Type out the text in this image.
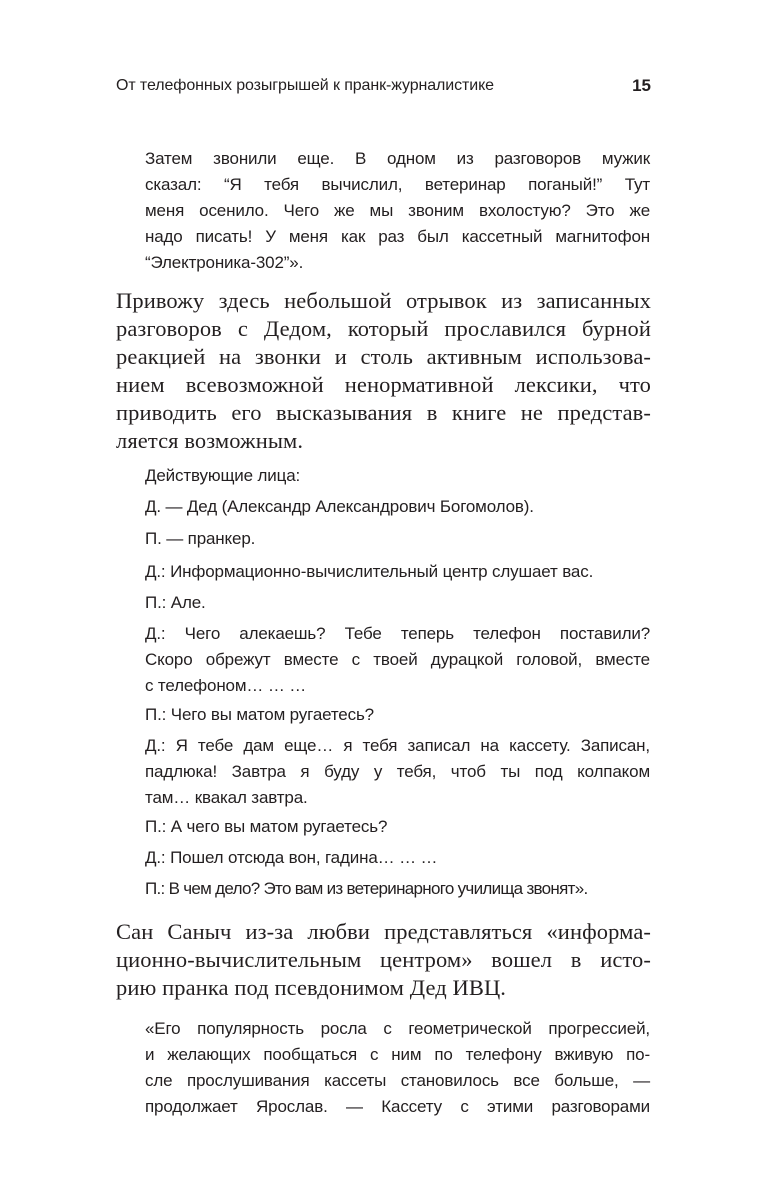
От телефонных розыгрышей к пранк-журналистике	15
Затем звонили еще. В одном из разговоров мужик
сказал: “Я тебя вычислил, ветеринар поганый!” Тут
меня осенило. Чего же мы звоним вхолостую? Это же
надо писать! У меня как раз был кассетный магнитофон
“Электроника-302”».
Привожу здесь небольшой отрывок из записанных
разговоров с Дедом, который прославился бурной
реакцией на звонки и столь активным использова-
нием всевозможной ненормативной лексики, что
приводить его высказывания в книге не представ-
ляется возможным.
Действующие лица:
Д. — Дед (Александр Александрович Богомолов).
П. — пранкер.
Д.: Информационно-вычислительный центр слушает вас.
П.: Але.
Д.: Чего алекаешь? Тебе теперь телефон поставили?
Скоро обрежут вместе с твоей дурацкой головой, вместе
с телефоном… … …
П.: Чего вы матом ругаетесь?
Д.: Я тебе дам еще… я тебя записал на кассету. Записан,
падлюка! Завтра я буду у тебя, чтоб ты под колпаком
там… квакал завтра.
П.: А чего вы матом ругаетесь?
Д.: Пошел отсюда вон, гадина… … …
П.: В чем дело? Это вам из ветеринарного училища звонят».
Сан Саныч из-за любви представляться «информа-
ционно-вычислительным центром» вошел в исто-
рию пранка под псевдонимом Дед ИВЦ.
«Его популярность росла с геометрической прогрессией,
и желающих пообщаться с ним по телефону вживую по-
сле прослушивания кассеты становилось все больше, —
продолжает Ярослав. — Кассету с этими разговорами
